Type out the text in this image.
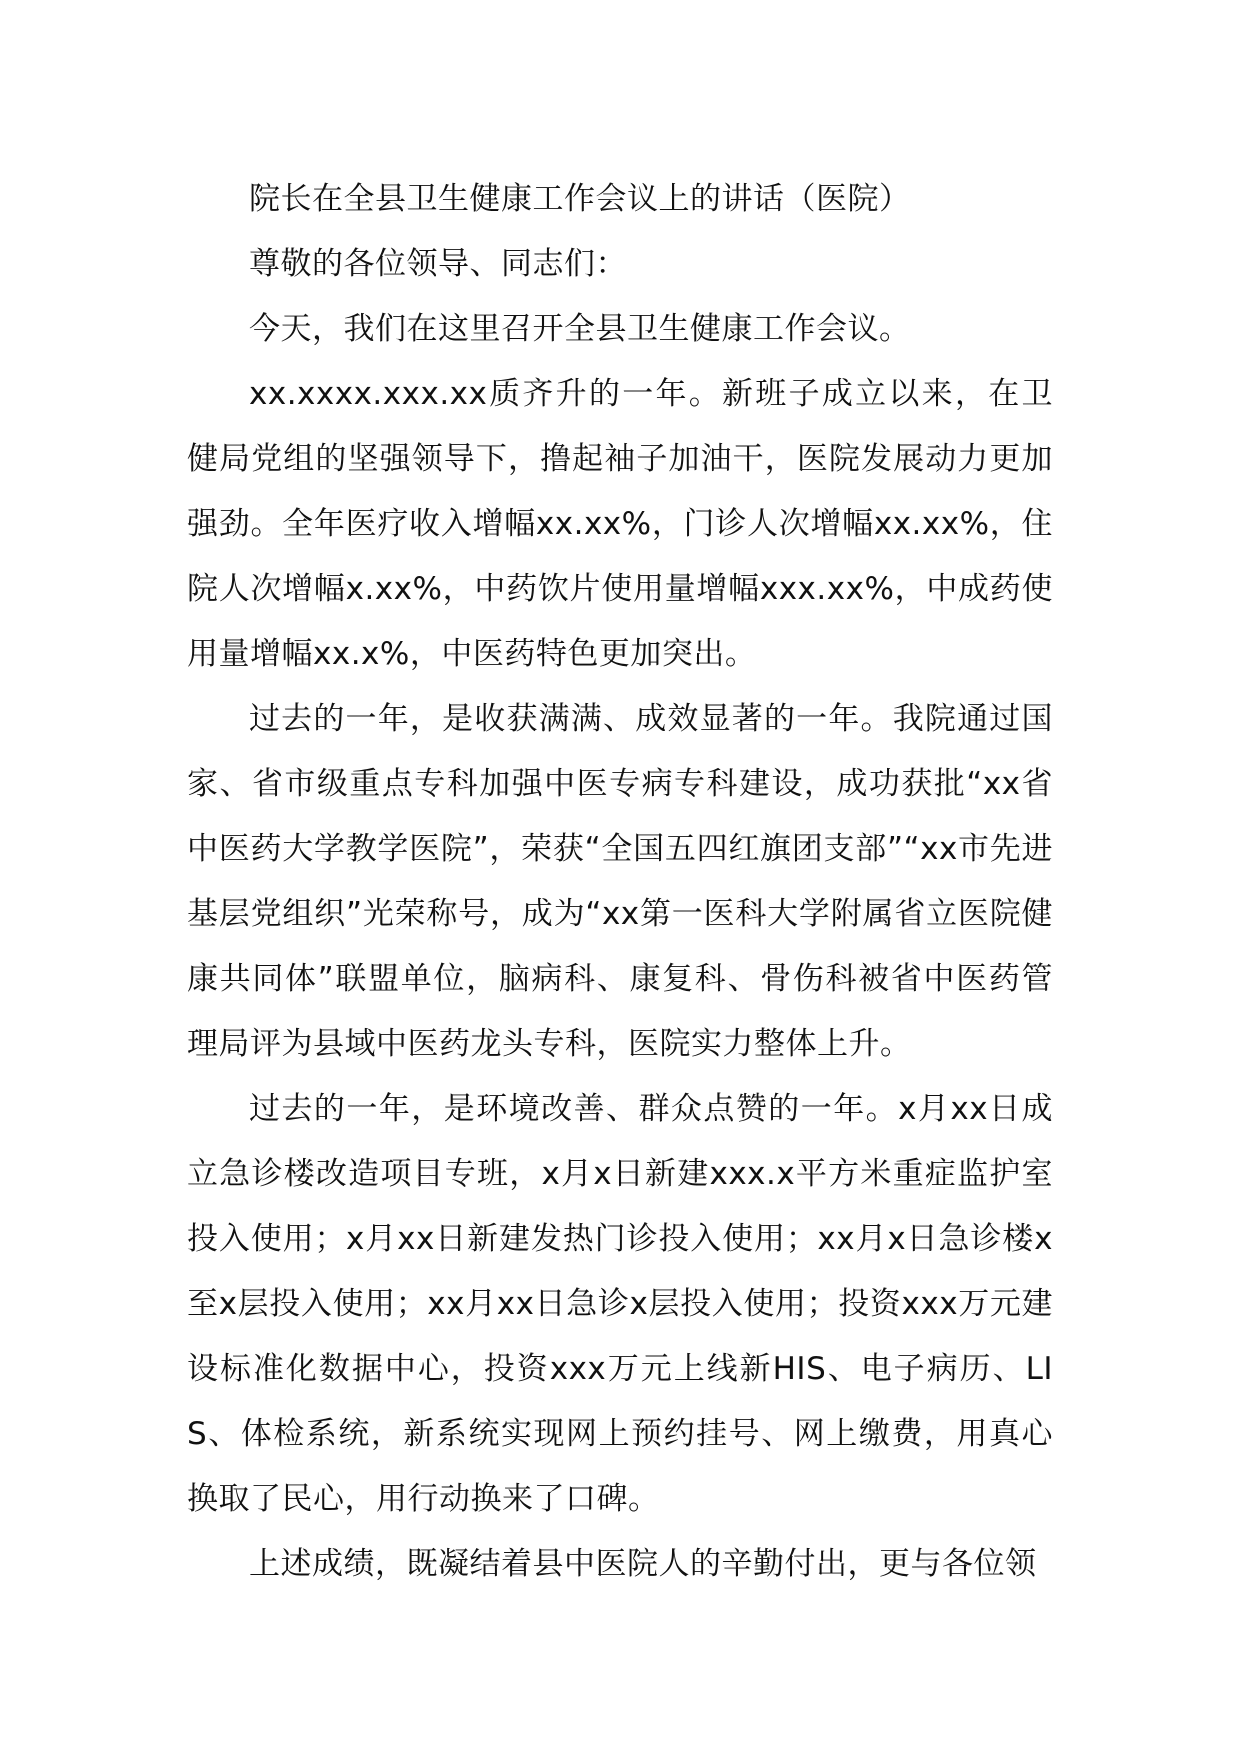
院长在全县卫生健康工作会议上的讲话（医院）

尊敬的各位领导、同志们：

今天，我们在这里召开全县卫生健康工作会议。

xx.xxxx.xxx.xx质齐升的一年。新班子成立以来，在卫健局党组的坚强领导下，撸起袖子加油干，医院发展动力更加强劲。全年医疗收入增幅xx.xx%，门诊人次增幅xx.xx%，住院人次增幅x.xx%，中药饮片使用量增幅xxx.xx%，中成药使用量增幅xx.x%，中医药特色更加突出。

过去的一年，是收获满满、成效显著的一年。我院通过国家、省市级重点专科加强中医专病专科建设，成功获批“xx省中医药大学教学医院”，荣获“全国五四红旗团支部”“xx市先进基层党组织”光荣称号，成为“xx第一医科大学附属省立医院健康共同体”联盟单位，脑病科、康复科、骨伤科被省中医药管理局评为县域中医药龙头专科，医院实力整体上升。

过去的一年，是环境改善、群众点赞的一年。x月xx日成立急诊楼改造项目专班，x月x日新建xxx.x平方米重症监护室投入使用；x月xx日新建发热门诊投入使用；xx月x日急诊楼x至x层投入使用；xx月xx日急诊x层投入使用；投资xxx万元建设标准化数据中心，投资xxx万元上线新HIS、电子病历、LIS、体检系统，新系统实现网上预约挂号、网上缴费，用真心换取了民心，用行动换来了口碑。

上述成绩，既凝结着县中医院人的辛勤付出，更与各位领
